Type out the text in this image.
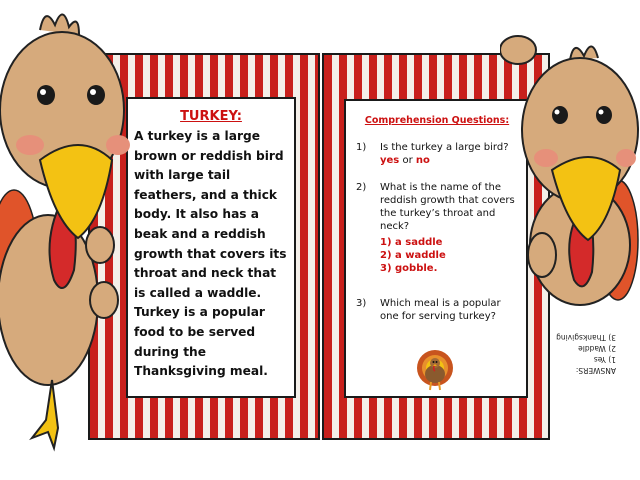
TURKEY:

A turkey is a large
brown or reddish bird
with large tail
feathers, and a thick
body. It also has a
beak and a reddish
growth that covers its
throat and neck that
is called a waddle.
Turkey is a popular
food to be served
during the
Thanksgiving meal.

Comprehension Questions:

1)	Is the turkey a large bird?
yes or no
2)	What is the name of the reddish growth that covers the turkey’s throat and neck?
1) a saddle
2) a waddle
3) gobble.
3)	Which meal is a popular one for serving turkey?
ANSWERS:
1) Yes
2) Waddle
3) Thanksgiving
